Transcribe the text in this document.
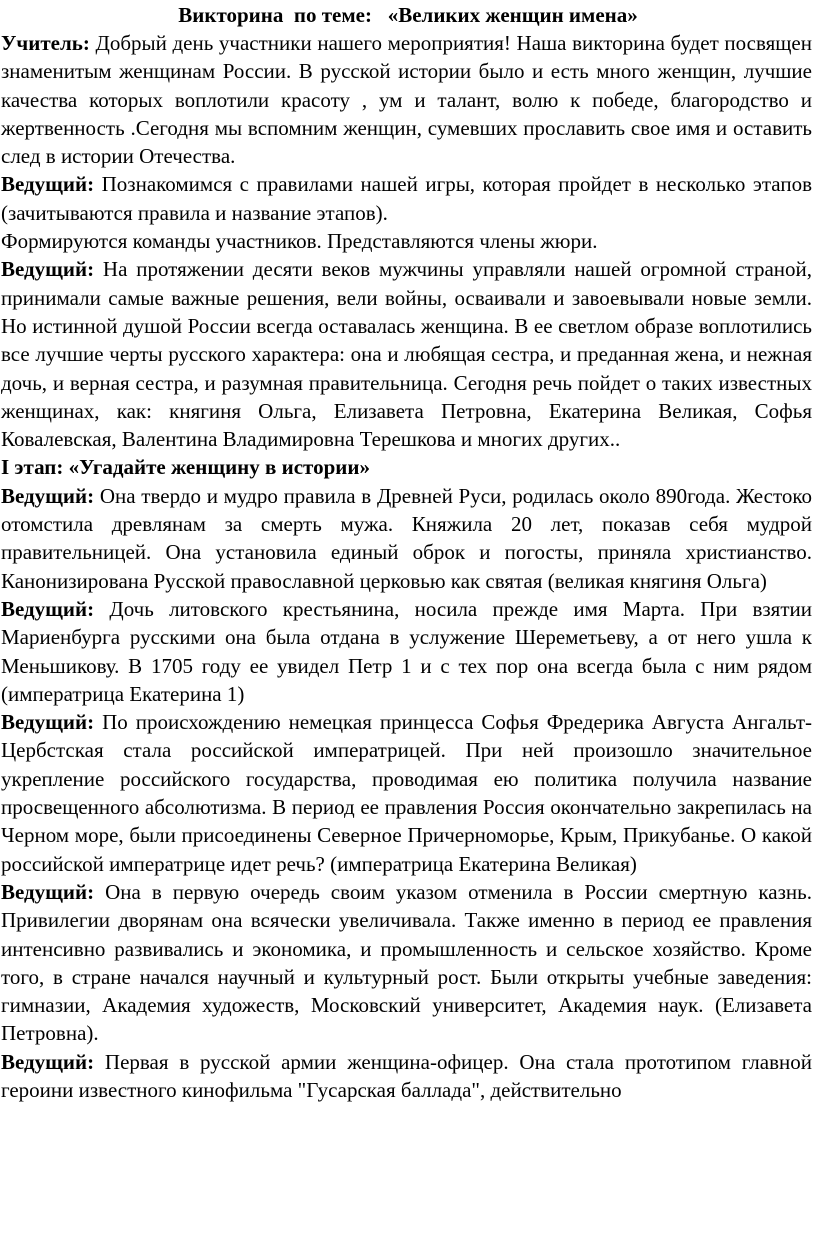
Викторина  по теме:   «Великих женщин имена»

Учитель: Добрый день участники нашего мероприятия! Наша викторина будет посвящен знаменитым женщинам России. В русской истории было и есть много женщин, лучшие качества которых воплотили красоту , ум и талант, волю к победе, благородство и жертвенность .Сегодня мы вспомним женщин, сумевших прославить свое имя и оставить след в истории Отечества.

Ведущий: Познакомимся с правилами нашей игры, которая пройдет в несколько этапов (зачитываются правила и название этапов).

Формируются команды участников. Представляются члены жюри.

Ведущий: На протяжении десяти веков мужчины управляли нашей огромной страной, принимали самые важные решения, вели войны, осваивали и завоевывали новые земли. Но истинной душой России всегда оставалась женщина. В ее светлом образе воплотились все лучшие черты русского характера: она и любящая сестра, и преданная жена, и нежная дочь, и верная сестра, и разумная правительница. Сегодня речь пойдет о таких известных женщинах, как: княгиня Ольга, Елизавета Петровна, Екатерина Великая, Софья Ковалевская, Валентина Владимировна Терешкова и многих других..

I этап: «Угадайте женщину в истории»

Ведущий: Она твердо и мудро правила в Древней Руси, родилась около 890года. Жестоко отомстила древлянам за смерть мужа. Княжила 20 лет, показав себя мудрой правительницей. Она установила единый оброк и погосты, приняла христианство. Канонизирована Русской православной церковью как святая (великая княгиня Ольга)

Ведущий: Дочь литовского крестьянина, носила прежде имя Марта. При взятии Мариенбурга русскими она была отдана в услужение Шереметьеву, а от него ушла к Меньшикову. В 1705 году ее увидел Петр 1 и с тех пор она всегда была с ним рядом (императрица Екатерина 1)

Ведущий: По происхождению немецкая принцесса Софья Фредерика Августа Ангальт-Цербстская стала российской императрицей. При ней произошло значительное укрепление российского государства, проводимая ею политика получила название просвещенного абсолютизма. В период ее правления Россия окончательно закрепилась на Черном море, были присоединены Северное Причерноморье, Крым, Прикубанье. О какой российской императрице идет речь? (императрица Екатерина Великая)

Ведущий: Она в первую очередь своим указом отменила в России смертную казнь. Привилегии дворянам она всячески увеличивала. Также именно в период ее правления интенсивно развивались и экономика, и промышленность и сельское хозяйство. Кроме того, в стране начался научный и культурный рост. Были открыты учебные заведения: гимназии, Академия художеств, Московский университет, Академия наук. (Елизавета Петровна).

Ведущий: Первая в русской армии женщина-офицер. Она стала прототипом главной героини известного кинофильма "Гусарская баллада", действительно
